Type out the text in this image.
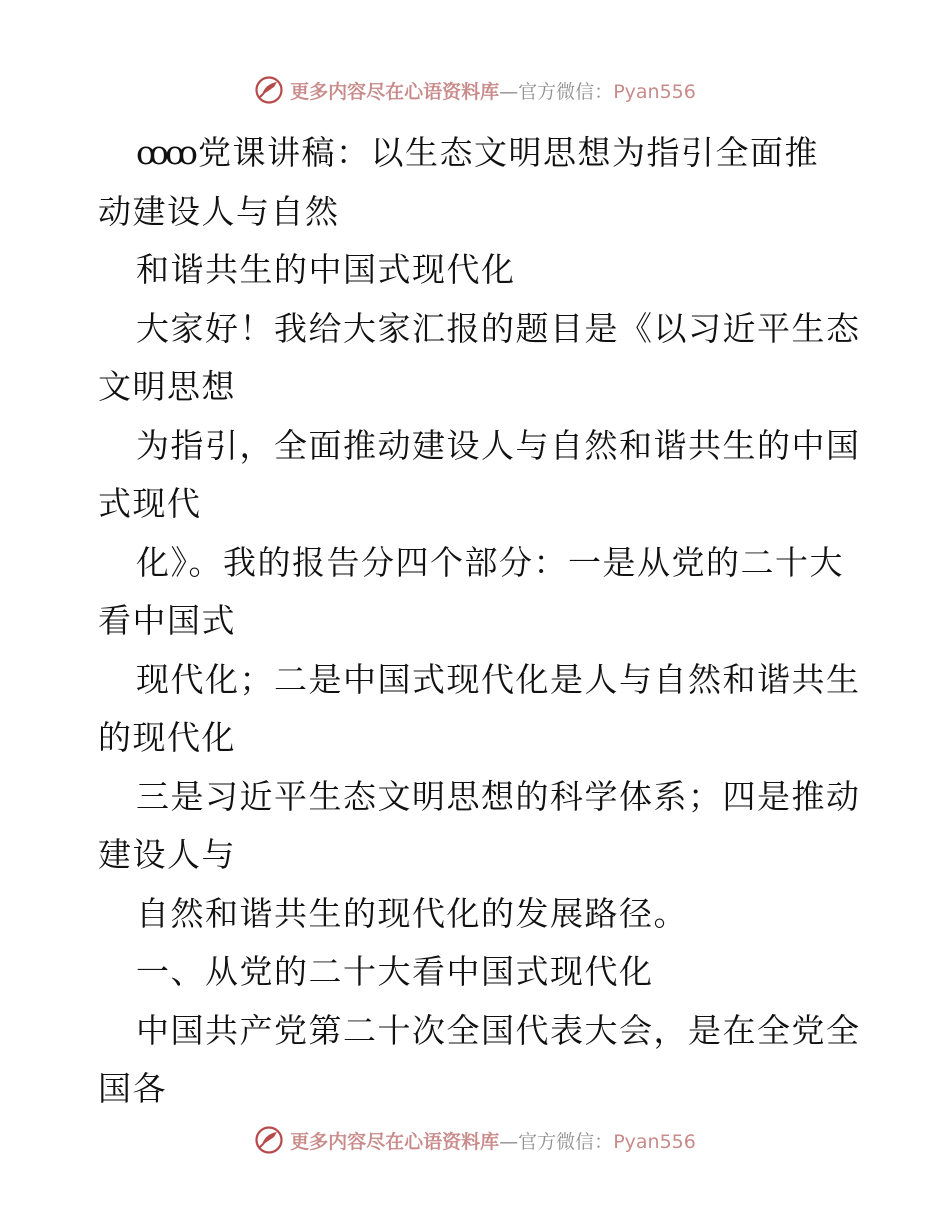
更多内容尽在心语资料库—官方微信：Pyan556
ꝏꝏ 党课讲稿：以生态文明思想为指引全面推
动建设人与自然
和谐共生的中国式现代化
大家好！我给大家汇报的题目是《以习近平生态
文明思想
为指引，全面推动建设人与自然和谐共生的中国
式现代
化》。我的报告分四个部分：一是从党的二十大
看中国式
现代化；二是中国式现代化是人与自然和谐共生
的现代化
三是习近平生态文明思想的科学体系；四是推动
建设人与
自然和谐共生的现代化的发展路径。
一、从党的二十大看中国式现代化
中国共产党第二十次全国代表大会，是在全党全
国各
更多内容尽在心语资料库—官方微信：Pyan556
